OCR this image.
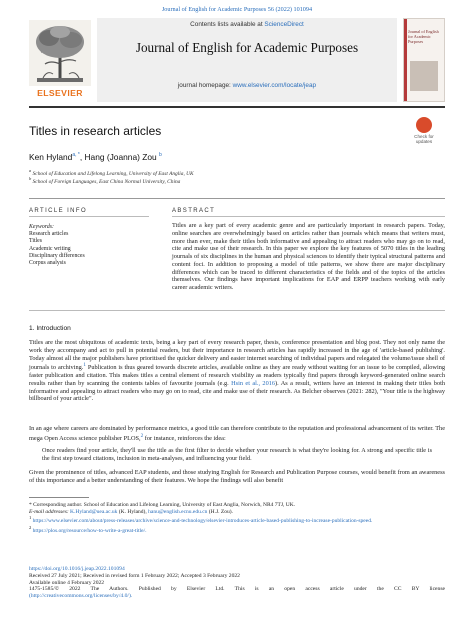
Journal of English for Academic Purposes 56 (2022) 101094
ELSEVIER
Contents lists available at ScienceDirect
Journal of English for Academic Purposes
journal homepage: www.elsevier.com/locate/jeap
Journal of English for Academic Purposes
Titles in research articles	Check for
updates
Ken Hyland$^{a, *}$, Hang (Joanna) Zou $^b$
$^a$ School of Education and Lifelong Learning, University of East Anglia, UK
$^b$ School of Foreign Languages, East China Normal University, China
ARTICLE INFO	ABSTRACT
Keywords:
Research articles
Titles
Academic writing
Disciplinary differences
Corpus analysis
Titles are a key part of every academic genre and are particularly important in research papers. Today, online searches are overwhelmingly based on articles rather than journals which means that writers must, more than ever, make their titles both informative and appealing to attract readers who may go on to read, cite and make use of their research. In this paper we explore the key features of 5070 titles in the leading journals of six disciplines in the human and physical sciences to identify their typical structural patterns and content foci. In addition to proposing a model of title patterns, we show there are major disciplinary differences which can be traced to different characteristics of the fields and of the topics of the articles themselves. Our findings have important implications for EAP and ERPP teachers working with early career academic writers.
1. Introduction
Titles are the most ubiquitous of academic texts, being a key part of every research paper, thesis, conference presentation and blog post. They not only name the work they accompany and act to pull in potential readers, but their importance in research articles has rapidly increased in the age of 'article-based publishing'. Today almost all the major publishers have prioritised the quicker delivery and easier internet searching of individual papers and relegated the volume/issue shell of journals to archiving.$^1$ Publication is thus geared towards discrete articles, available online as they are ready without waiting for an issue to be compiled, allowing faster publication and citation. This makes titles a central element of research visibility as readers typically find papers through keyword-generated online search results rather than by scanning the contents tables of favourite journals (e.g. Hsin et al., 2016). As a result, writers have an interest in making their titles both informative and appealing to attract readers who may go on to read, cite and make use of their research. As Belcher observes (2021: 282), "Your title is the highway billboard of your article".
In an age where careers are dominated by performance metrics, a good title can therefore contribute to the reputation and professional advancement of its writer. The mega Open Access science publisher PLOS,$^2$ for instance, reinforces the idea:
Once readers find your article, they'll use the title as the first filter to decide whether your research is what they're looking for. A strong and specific title is the first step toward citations, inclusion in meta-analyses, and influencing your field.
Given the prominence of titles, advanced EAP students, and those studying English for Research and Publication Purpose courses, would benefit from an awareness of this importance and a better understanding of their features. We hope the findings will also benefit
* Corresponding author. School of Education and Lifelong Learning, University of East Anglia, Norwich, NR4 7TJ, UK.
E-mail addresses: K.Hyland@uea.ac.uk (K. Hyland), hanu@english.ecnu.edu.cn (H.J. Zou).
$^1$ https://www.elsevier.com/about/press-releases/archive/science-and-technology/elsevier-introduces-article-based-publishing-to-increase-publication-speed.
$^2$ https://plos.org/resource/how-to-write-a-great-title/.
https://doi.org/10.1016/j.jeap.2022.101094
Received 27 July 2021; Received in revised form 1 February 2022; Accepted 3 February 2022
Available online 4 February 2022
1475-1585/© 2022 The Authors. Published by Elsevier Ltd. This is an open access article under the CC BY license
(http://creativecommons.org/licenses/by/4.0/).
